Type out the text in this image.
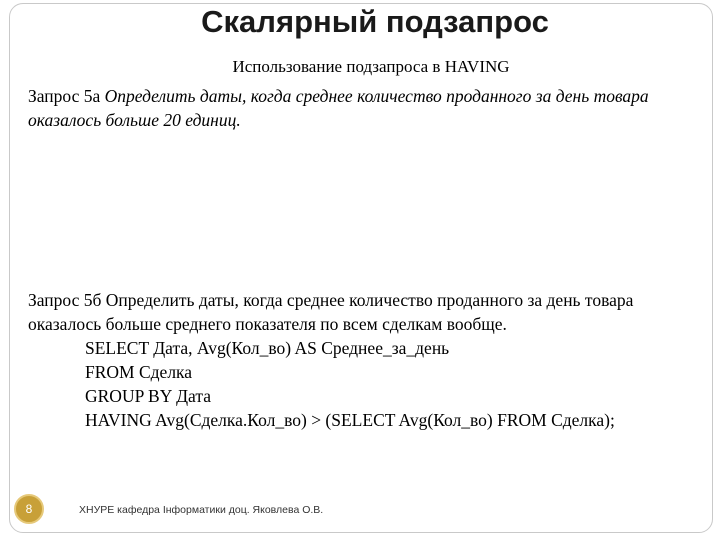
Скалярный подзапрос
Использование подзапроса в HAVING
Запрос 5а Определить даты, когда среднее количество проданного за день товара оказалось больше 20 единиц.
Запрос 5б Определить даты, когда среднее количество проданного за день товара оказалось больше среднего показателя по всем сделкам вообще.
SELECT Дата, Avg(Кол_во) AS Среднее_за_день
FROM Сделка
GROUP BY Дата
HAVING Avg(Сделка.Кол_во) > (SELECT Avg(Кол_во) FROM Сделка);
8	ХНУРЕ кафедра Інформатики доц. Яковлева О.В.
